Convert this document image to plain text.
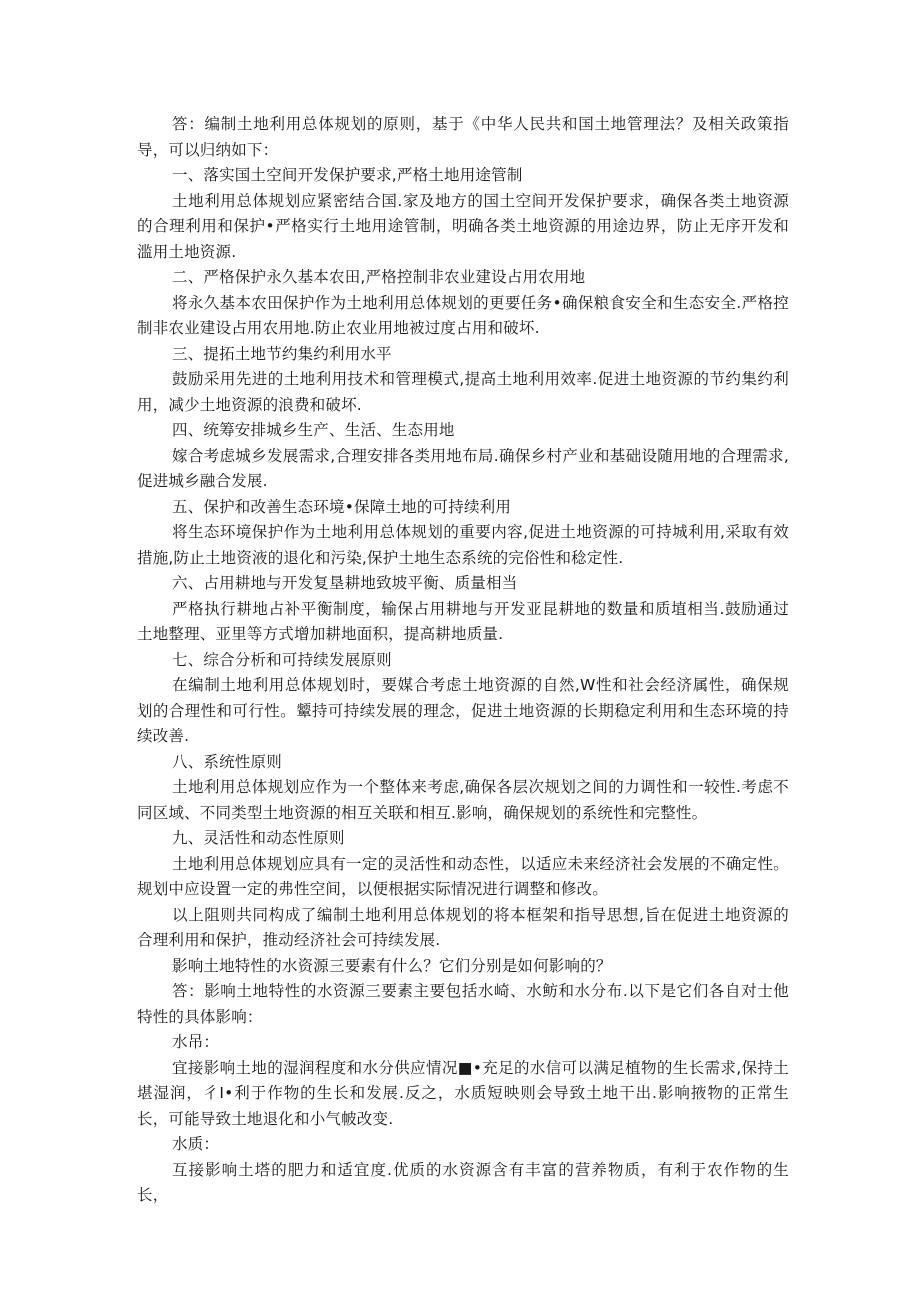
答：编制土地利用总体规划的原则，基于《中华人民共和国土地管理法？及相关政策指导，可以归纳如下：

一、落实国土空间开发保护要求,严格土地用途管制

土地利用总体规划应紧密结合国.家及地方的国土空间开发保护要求，确保各类土地资源的合理利用和保护•严格实行土地用途管制，明确各类土地资源的用途边界，防止无序开发和滥用土地资源.

二、严格保护永久基本农田,严格控制非农业建设占用农用地

将永久基本农田保护作为土地利用总体规划的更要任务•确保粮食安全和生态安全.严格控制非农业建设占用农用地.防止农业用地被过度占用和破坏.

三、提拓土地节约集约利用水平

鼓励采用先进的土地利用技术和管理模式,提高土地利用效率.促进土地资源的节约集约利用，减少土地资源的浪费和破坏.

四、统筹安排城乡生产、生活、生态用地

嫁合考虑城乡发展需求,合理安排各类用地布局.确保乡村产业和基础设随用地的合理需求,促进城乡融合发展.

五、保护和改善生态环境•保障土地的可持续利用

将生态环境保护作为土地利用总体规划的重要内容,促进土地资源的可持城利用,采取有效措施,防止土地资液的退化和污染,保护土地生态系统的完俗性和稔定性.

六、占用耕地与开发复垦耕地致坡平衡、质量相当

严格执行耕地占补平衡制度，输保占用耕地与开发亚昆耕地的数量和质埴相当.鼓励通过土地整理、亚里等方式增加耕地面积，提高耕地质量.

七、综合分析和可持续发展原则

在编制土地利用总体规划时，要媒合考虑土地资源的自然,W性和社会经济属性，确保规划的合理性和可行性。颦持可持续发展的理念，促进土地资源的长期稳定利用和生态环境的持续改善.

八、系统性原则

土地利用总体规划应作为一个整体来考虑,确保各层次规划之间的力调性和一较性.考虑不同区域、不同类型土地资源的相互关联和相互.影响，确保规划的系统性和完整性。

九、灵活性和动态性原则

土地利用总体规划应具有一定的灵活性和动态性，以适应未来经济社会发展的不确定性。规划中应设置一定的弗性空间，以便根据实际情况进行调整和修改。

以上阻则共同构成了编制土地利用总体规划的将本框架和指导思想,旨在促进土地资源的合理利用和保护，推动经济社会可持续发展.

影响土地特性的水资源三要素有什么？它们分别是如何影响的？

答：影响土地特性的水资源三要素主要包括水崎、水鲂和水分布.以下是它们各自对士他特性的具体影响：

水吊：

宜接影响土地的湿润程度和水分供应情况■•充足的水信可以满足植物的生长需求,保持土堪湿润，彳I•利于作物的生长和发展.反之，水质短映则会导致土地干出.影响掖物的正常生长，可能导致土地退化和小气帔改变.

水质：

互接影响土塔的肥力和适宜度.优质的水资源含有丰富的营养物质，有利于农作物的生长，
